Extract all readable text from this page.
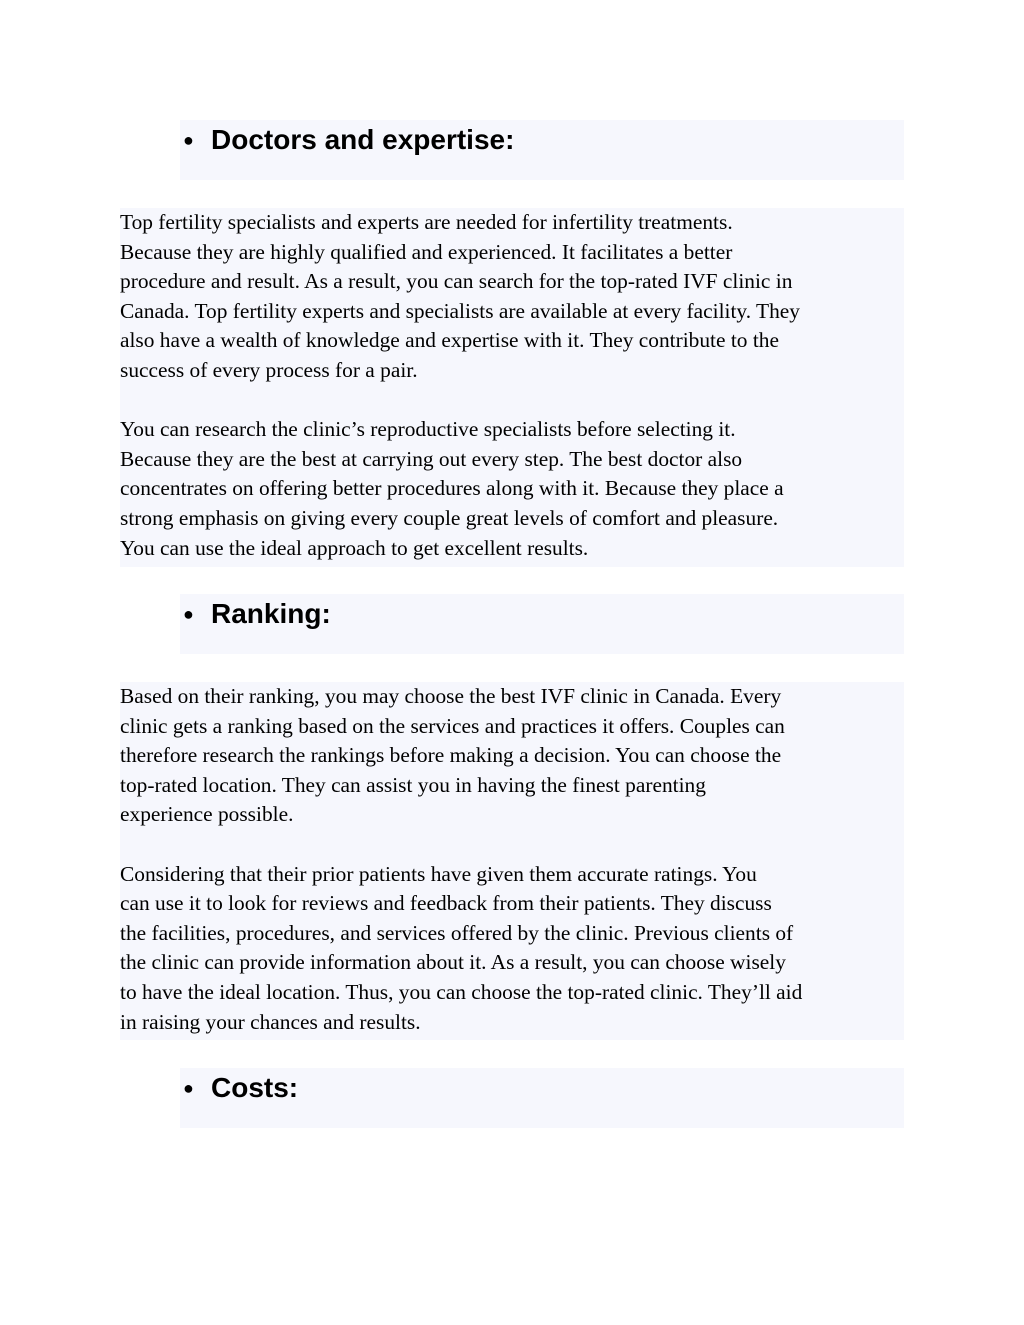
● Doctors and expertise:

Top fertility specialists and experts are needed for infertility treatments.
Because they are highly qualified and experienced. It facilitates a better
procedure and result. As a result, you can search for the top-rated IVF clinic in
Canada. Top fertility experts and specialists are available at every facility. They
also have a wealth of knowledge and expertise with it. They contribute to the
success of every process for a pair.

You can research the clinic’s reproductive specialists before selecting it.
Because they are the best at carrying out every step. The best doctor also
concentrates on offering better procedures along with it. Because they place a
strong emphasis on giving every couple great levels of comfort and pleasure.
You can use the ideal approach to get excellent results.

● Ranking:

Based on their ranking, you may choose the best IVF clinic in Canada. Every
clinic gets a ranking based on the services and practices it offers. Couples can
therefore research the rankings before making a decision. You can choose the
top-rated location. They can assist you in having the finest parenting
experience possible.

Considering that their prior patients have given them accurate ratings. You
can use it to look for reviews and feedback from their patients. They discuss
the facilities, procedures, and services offered by the clinic. Previous clients of
the clinic can provide information about it. As a result, you can choose wisely
to have the ideal location. Thus, you can choose the top-rated clinic. They’ll aid
in raising your chances and results.

● Costs:
